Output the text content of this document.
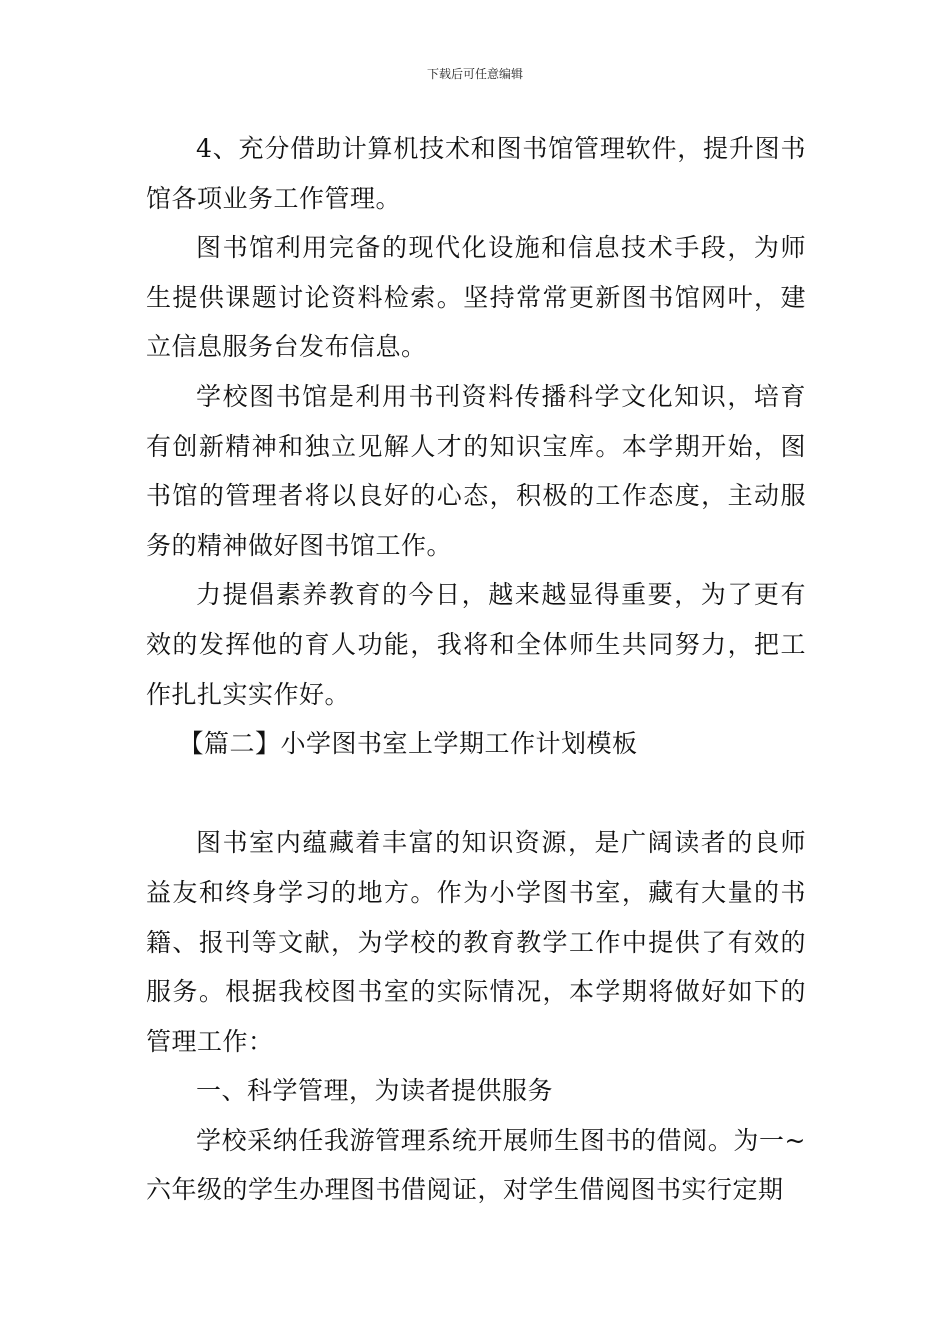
下载后可任意编辑

4、充分借助计算机技术和图书馆管理软件，提升图书馆各项业务工作管理。

图书馆利用完备的现代化设施和信息技术手段，为师生提供课题讨论资料检索。坚持常常更新图书馆网叶，建立信息服务台发布信息。

学校图书馆是利用书刊资料传播科学文化知识，培育有创新精神和独立见解人才的知识宝库。本学期开始，图书馆的管理者将以良好的心态，积极的工作态度，主动服务的精神做好图书馆工作。

力提倡素养教育的今日，越来越显得重要，为了更有效的发挥他的育人功能，我将和全体师生共同努力，把工作扎扎实实作好。

【篇二】小学图书室上学期工作计划模板

图书室内蕴藏着丰富的知识资源，是广阔读者的良师益友和终身学习的地方。作为小学图书室，藏有大量的书籍、报刊等文献，为学校的教育教学工作中提供了有效的服务。根据我校图书室的实际情况，本学期将做好如下的管理工作：

一、科学管理，为读者提供服务

学校采纳任我游管理系统开展师生图书的借阅。为一~六年级的学生办理图书借阅证，对学生借阅图书实行定期
